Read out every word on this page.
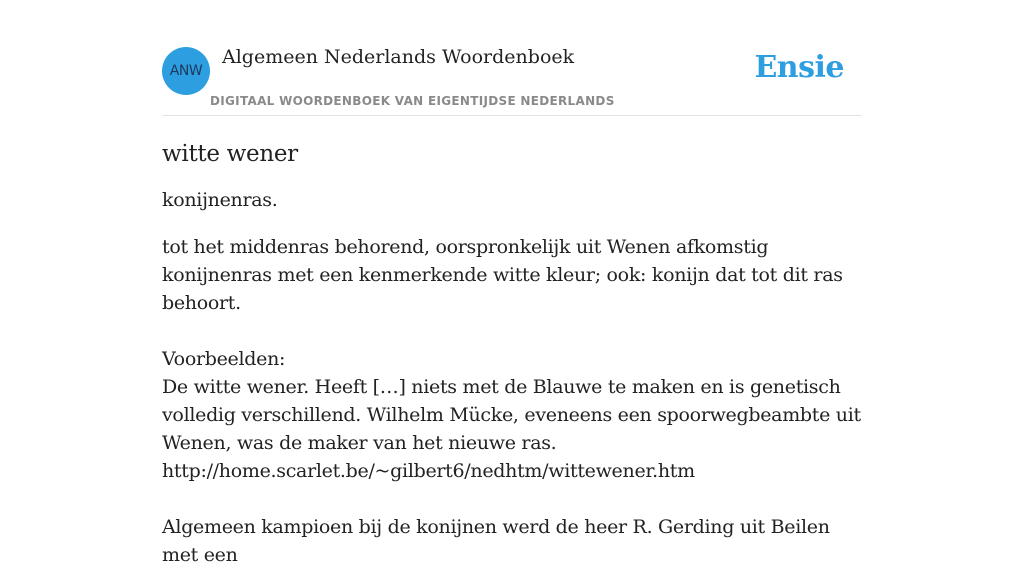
ANW
Algemeen Nederlands Woordenboek
DIGITAAL WOORDENBOEK VAN EIGENTIJDSE NEDERLANDS
Ensie
witte wener
konijnenras.

tot het middenras behorend, oorspronkelijk uit Wenen afkomstig konijnenras met een kenmerkende witte kleur; ook: konijn dat tot dit ras behoort.

Voorbeelden:
De witte wener. Heeft […] niets met de Blauwe te maken en is genetisch volledig verschillend. Wilhelm Mücke, eveneens een spoorwegbeambte uit Wenen, was de maker van het nieuwe ras.
http://home.scarlet.be/~gilbert6/nedhtm/wittewener.htm
Algemeen kampioen bij de konijnen werd de heer R. Gerding uit Beilen met een
